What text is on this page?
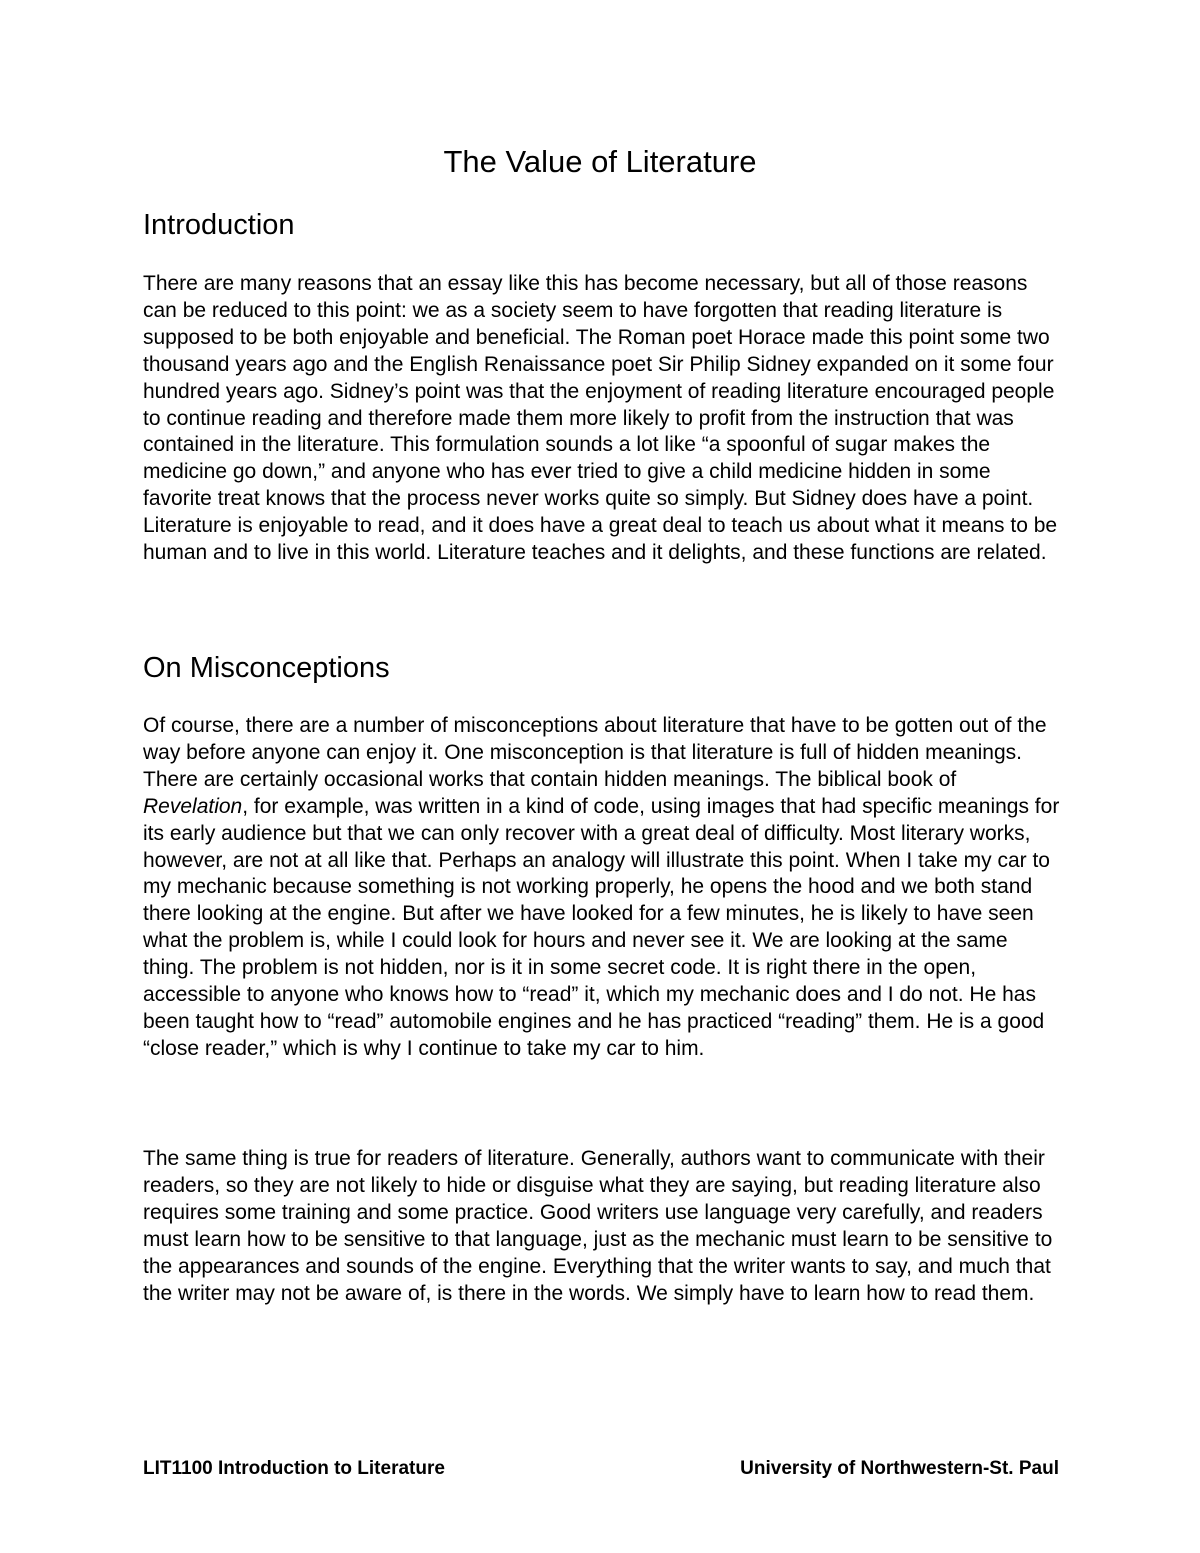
The Value of Literature
Introduction

There are many reasons that an essay like this has become necessary, but all of those reasons can be reduced to this point: we as a society seem to have forgotten that reading literature is supposed to be both enjoyable and beneficial. The Roman poet Horace made this point some two thousand years ago and the English Renaissance poet Sir Philip Sidney expanded on it some four hundred years ago. Sidney’s point was that the enjoyment of reading literature encouraged people to continue reading and therefore made them more likely to profit from the instruction that was contained in the literature. This formulation sounds a lot like “a spoonful of sugar makes the medicine go down,” and anyone who has ever tried to give a child medicine hidden in some favorite treat knows that the process never works quite so simply. But Sidney does have a point. Literature is enjoyable to read, and it does have a great deal to teach us about what it means to be human and to live in this world. Literature teaches and it delights, and these functions are related.

On Misconceptions

Of course, there are a number of misconceptions about literature that have to be gotten out of the way before anyone can enjoy it. One misconception is that literature is full of hidden meanings. There are certainly occasional works that contain hidden meanings. The biblical book of Revelation, for example, was written in a kind of code, using images that had specific meanings for its early audience but that we can only recover with a great deal of difficulty. Most literary works, however, are not at all like that. Perhaps an analogy will illustrate this point. When I take my car to my mechanic because something is not working properly, he opens the hood and we both stand there looking at the engine. But after we have looked for a few minutes, he is likely to have seen what the problem is, while I could look for hours and never see it. We are looking at the same thing. The problem is not hidden, nor is it in some secret code. It is right there in the open, accessible to anyone who knows how to “read” it, which my mechanic does and I do not. He has been taught how to “read” automobile engines and he has practiced “reading” them. He is a good “close reader,” which is why I continue to take my car to him.

The same thing is true for readers of literature. Generally, authors want to communicate with their readers, so they are not likely to hide or disguise what they are saying, but reading literature also requires some training and some practice. Good writers use language very carefully, and readers must learn how to be sensitive to that language, just as the mechanic must learn to be sensitive to the appearances and sounds of the engine. Everything that the writer wants to say, and much that the writer may not be aware of, is there in the words. We simply have to learn how to read them.

LIT1100 Introduction to Literature	University of Northwestern-St. Paul
